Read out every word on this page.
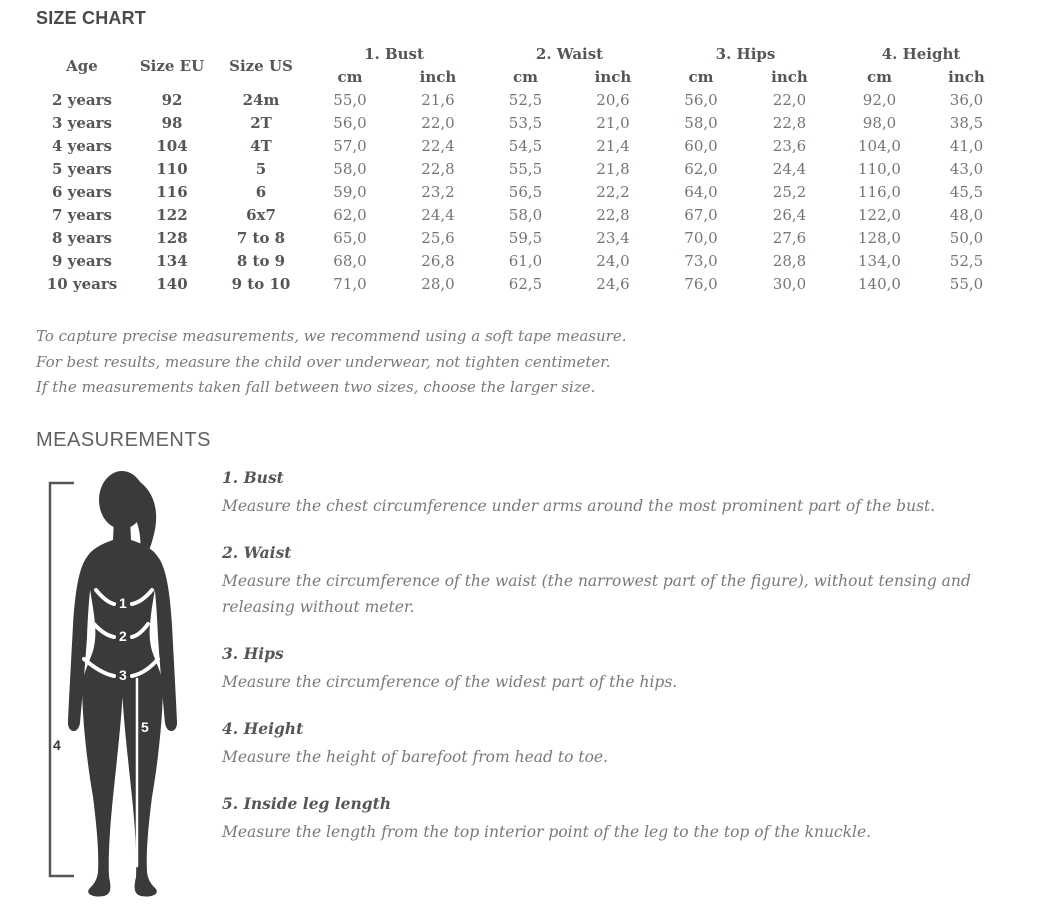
SIZE CHART
Age	Size EU	Size US	1. Bust		2. Waist		3. Hips		4. Height	
			cm	inch	cm	inch	cm	inch	cm	inch
2 years	92	24m	55,0	21,6	52,5	20,6	56,0	22,0	92,0	36,0
3 years	98	2T	56,0	22,0	53,5	21,0	58,0	22,8	98,0	38,5
4 years	104	4T	57,0	22,4	54,5	21,4	60,0	23,6	104,0	41,0
5 years	110	5	58,0	22,8	55,5	21,8	62,0	24,4	110,0	43,0
6 years	116	6	59,0	23,2	56,5	22,2	64,0	25,2	116,0	45,5
7 years	122	6x7	62,0	24,4	58,0	22,8	67,0	26,4	122,0	48,0
8 years	128	7 to 8	65,0	25,6	59,5	23,4	70,0	27,6	128,0	50,0
9 years	134	8 to 9	68,0	26,8	61,0	24,0	73,0	28,8	134,0	52,5
10 years	140	9 to 10	71,0	28,0	62,5	24,6	76,0	30,0	140,0	55,0

To capture precise measurements, we recommend using a soft tape measure.

For best results, measure the child over underwear, not tighten centimeter.

If the measurements taken fall between two sizes, choose the larger size.

MEASUREMENTS
1
2
3
4
5
1. Bust

Measure the chest circumference under arms around the most prominent part of the bust.

2. Waist

Measure the circumference of the waist (the narrowest part of the figure), without tensing and releasing without meter.

3. Hips

Measure the circumference of the widest part of the hips.

4. Height

Measure the height of barefoot from head to toe.

5. Inside leg length

Measure the length from the top interior point of the leg to the top of the knuckle.
